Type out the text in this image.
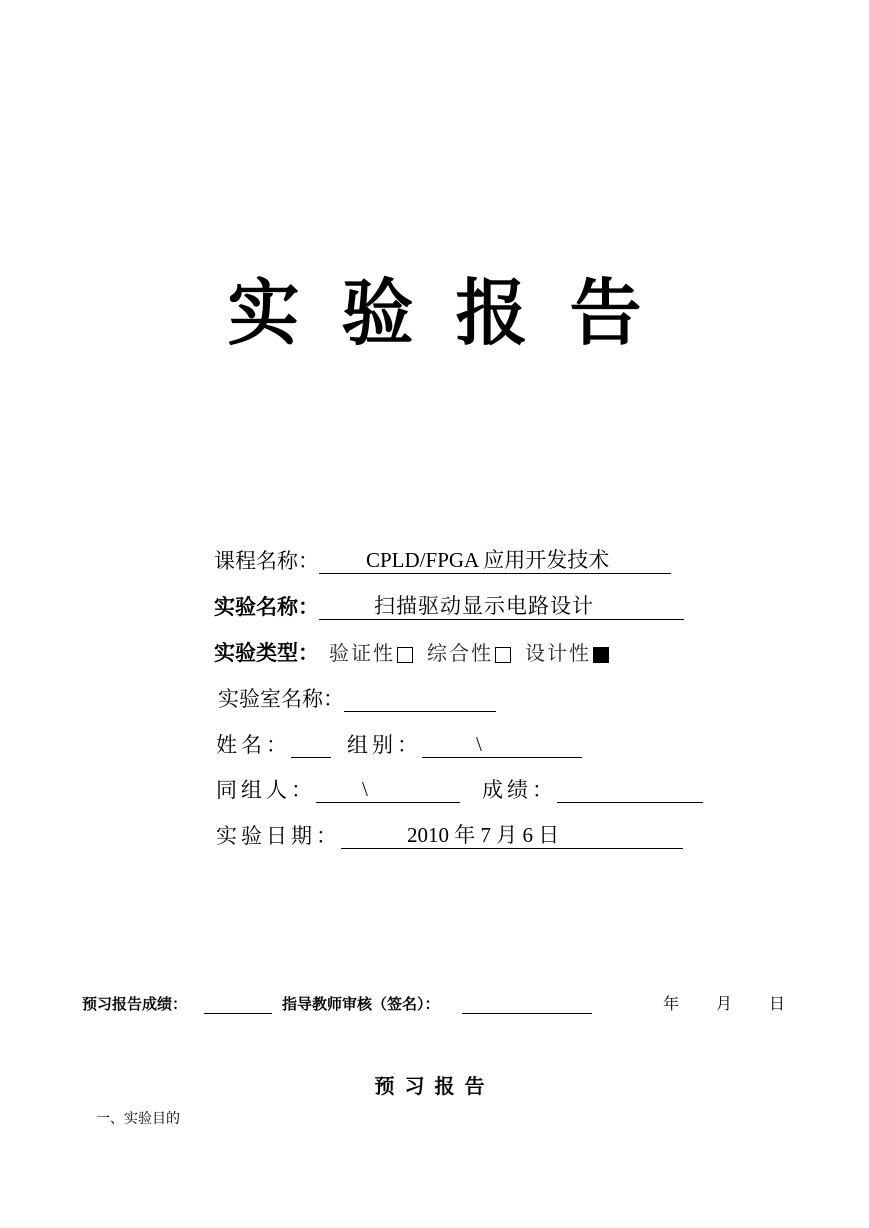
实 验 报 告
课程名称： CPLD/FPGA 应用开发技术
实验名称：	扫描驱动显示电路设计
实验类型： 验证性	综合性	设计性
实验室名称：
姓名：	组别：	\
同组人： \	成绩：
实验日期：	2010 年 7 月 6 日
预习报告成绩：	指导教师审核（签名）：	年 月 日
预习报告
一、实验目的
